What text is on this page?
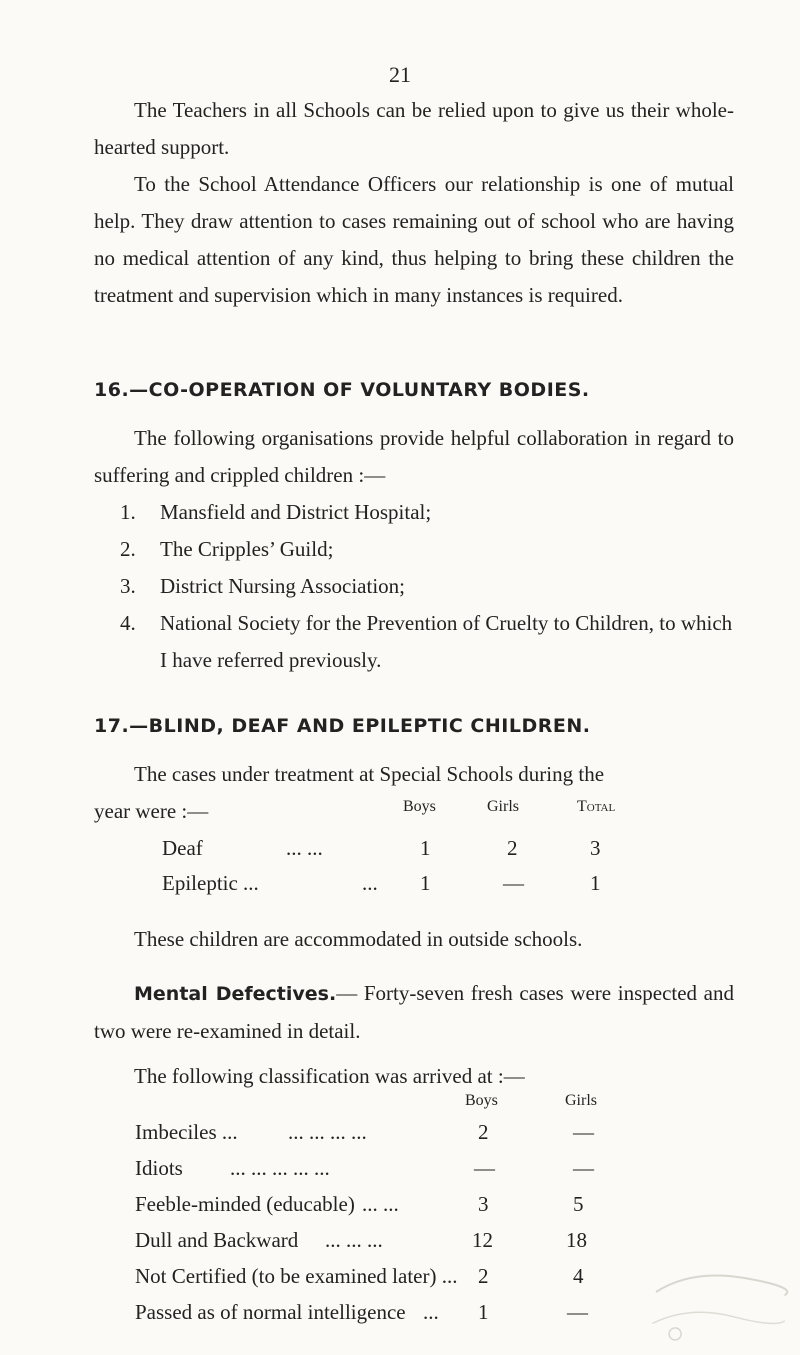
21

The Teachers in all Schools can be relied upon to give us their whole-hearted support.

To the School Attendance Officers our relationship is one of mutual help. They draw attention to cases remaining out of school who are having no medical attention of any kind, thus helping to bring these children the treatment and supervision which in many instances is required.

16.—CO-OPERATION OF VOLUNTARY BODIES.

The following organisations provide helpful collaboration in regard to suffering and crippled children :—

1. Mansfield and District Hospital;
2. The Cripples’ Guild;
3. District Nursing Association;
4. National Society for the Prevention of Cruelty to Children, to which I have referred previously.
17.—BLIND, DEAF AND EPILEPTIC CHILDREN.
The cases under treatment at Special Schools during the
year were :—	Boys	Girls	Total
Deaf	... ...	1	2	3
Epileptic ...	... 1	—	1
These children are accommodated in outside schools.

Mental Defectives.— Forty-seven fresh cases were inspected and two were re-examined in detail.

The following classification was arrived at :—
Boys	Girls
Imbeciles ... ... ... ... ...	2	—
Idiots ... ... ... ... ...	—	—
Feeble-minded (educable) ... ...	3	5
Dull and Backward ... ... ...	12	18
Not Certified (to be examined later) ... 2	4
Passed as of normal intelligence ... 1	—
